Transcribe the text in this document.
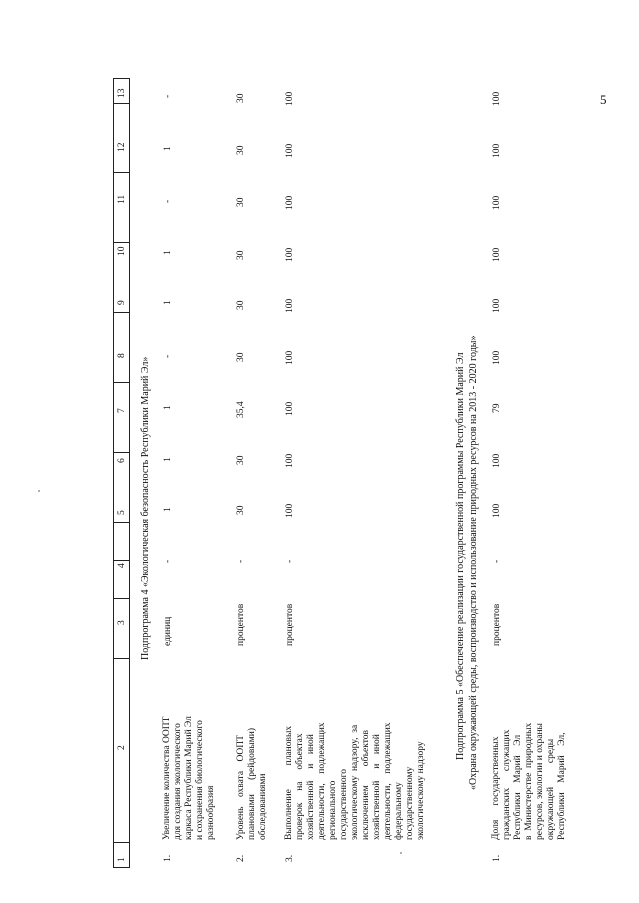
5
13
12
11
10
9
8
7
6
5
4
3
2
1
Подпрограмма 4 «Экологическая безопасность Республики Марий Эл»
1.
Увеличение количества ООПТ для создания экологического каркаса Республики Марий Эл и сохранения биологического разнообразия
единиц
-
1
1
1
-
1
1
-
1
-
2.
Уровень    охвата    ООПТ плановыми      (рейдовыми) обследованиями
процентов
-
30
30
35,4
30
30
30
30
30
30
3.
Выполнение          плановых проверок     на     объектах хозяйственной     и    иной деятельности,    подлежащих регионального государственного экологическому  надзору,  за исключением        объектов хозяйственной     и    иной деятельности,    подлежащих федеральному государственному экологическому надзору
процентов
-
100
100
100
100
100
100
100
100
100
Подпрограмма 5 «Обеспечение реализации государственной программы Республики Марий Эл «Охрана окружающей среды, воспроизводство и использование природных ресурсов на 2013 - 2020 годы»
1.
Доля      государственных гражданских       служащих Республики    Марий    Эл в  Министерстве  природных ресурсов, экологии и охраны окружающей          среды Республики    Марий    Эл,
процентов
-
100
100
79
100
100
100
100
100
100
